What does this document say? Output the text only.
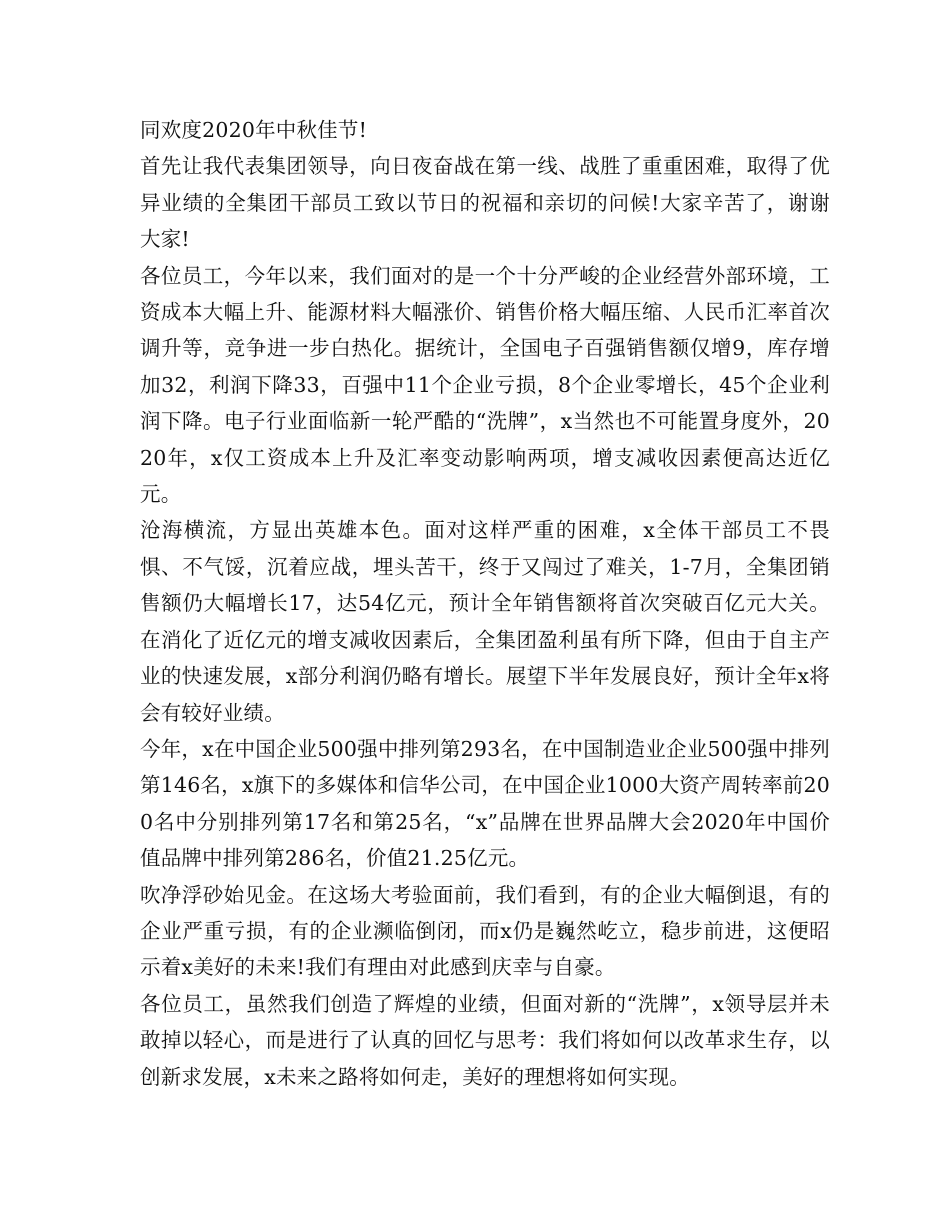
同欢度2020年中秋佳节!

首先让我代表集团领导，向日夜奋战在第一线、战胜了重重困难，取得了优异业绩的全集团干部员工致以节日的祝福和亲切的问候!大家辛苦了，谢谢大家!

各位员工，今年以来，我们面对的是一个十分严峻的企业经营外部环境，工资成本大幅上升、能源材料大幅涨价、销售价格大幅压缩、人民币汇率首次调升等，竞争进一步白热化。据统计，全国电子百强销售额仅增9，库存增加32，利润下降33，百强中11个企业亏损，8个企业零增长，45个企业利润下降。电子行业面临新一轮严酷的“洗牌”，x当然也不可能置身度外，2020年，x仅工资成本上升及汇率变动影响两项，增支减收因素便高达近亿元。

沧海横流，方显出英雄本色。面对这样严重的困难，x全体干部员工不畏惧、不气馁，沉着应战，埋头苦干，终于又闯过了难关，1-7月，全集团销售额仍大幅增长17，达54亿元，预计全年销售额将首次突破百亿元大关。在消化了近亿元的增支减收因素后，全集团盈利虽有所下降，但由于自主产业的快速发展，x部分利润仍略有增长。展望下半年发展良好，预计全年x将会有较好业绩。

今年，x在中国企业500强中排列第293名，在中国制造业企业500强中排列第146名，x旗下的多媒体和信华公司，在中国企业1000大资产周转率前200名中分别排列第17名和第25名，“x”品牌在世界品牌大会2020年中国价值品牌中排列第286名，价值21.25亿元。

吹净浮砂始见金。在这场大考验面前，我们看到，有的企业大幅倒退，有的企业严重亏损，有的企业濒临倒闭，而x仍是巍然屹立，稳步前进，这便昭示着x美好的未来!我们有理由对此感到庆幸与自豪。

各位员工，虽然我们创造了辉煌的业绩，但面对新的“洗牌”，x领导层并未敢掉以轻心，而是进行了认真的回忆与思考：我们将如何以改革求生存，以创新求发展，x未来之路将如何走，美好的理想将如何实现。
